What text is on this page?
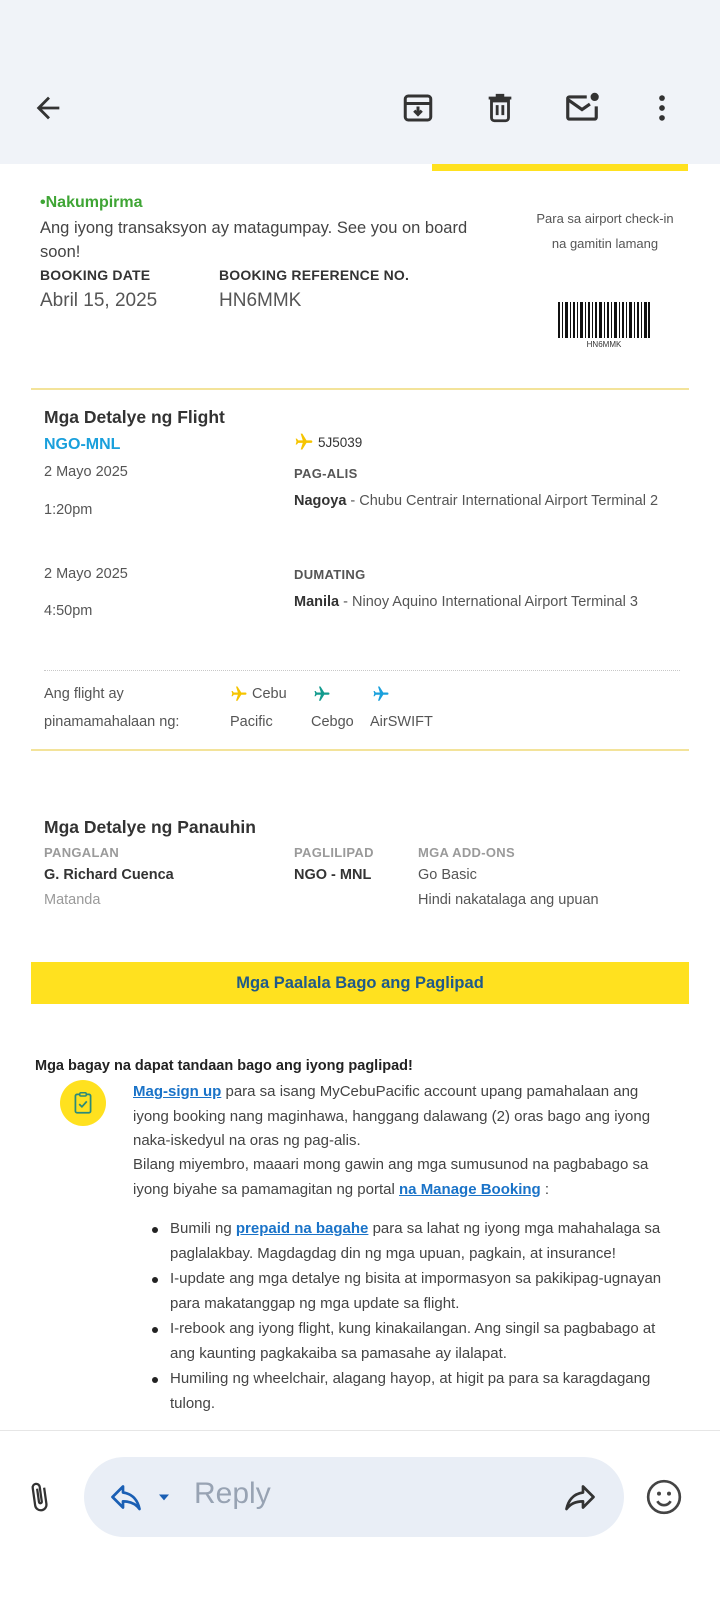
•Nakumpirma
Ang iyong transaksyon ay matagumpay. See you on board soon!
BOOKING DATE
Abril 15, 2025
BOOKING REFERENCE NO.
HN6MMK
Para sa airport check-in na gamitin lamang
HN6MMK
Mga Detalye ng Flight
NGO-MNL	5J5039
2 Mayo 2025
1:20pm
PAG-ALIS
Nagoya - Chubu Centrair International Airport Terminal 2
2 Mayo 2025
4:50pm
DUMATING
Manila - Ninoy Aquino International Airport Terminal 3
Ang flight ay
pinamamahalaan ng:
Cebu
Pacific	Cebgo AirSWIFT
Mga Detalye ng Panauhin
PANGALAN
G. Richard Cuenca
Matanda
PAGLILIPAD
NGO - MNL
MGA ADD-ONS
Go Basic
Hindi nakatalaga ang upuan
Mga Paalala Bago ang Paglipad
Mga bagay na dapat tandaan bago ang iyong paglipad!
Mag-sign up para sa isang MyCebuPacific account upang pamahalaan ang iyong booking nang maginhawa, hanggang dalawang (2) oras bago ang iyong naka-iskedyul na oras ng pag-alis.
Bilang miyembro, maaari mong gawin ang mga sumusunod na pagbabago sa iyong biyahe sa pamamagitan ng portal na Manage Booking :
Bumili ng prepaid na bagahe para sa lahat ng iyong mga mahahalaga sa paglalakbay. Magdagdag din ng mga upuan, pagkain, at insurance!
I-update ang mga detalye ng bisita at impormasyon sa pakikipag-ugnayan para makatanggap ng mga update sa flight.
I-rebook ang iyong flight, kung kinakailangan. Ang singil sa pagbabago at ang kaunting pagkakaiba sa pamasahe ay ilalapat.
Humiling ng wheelchair, alagang hayop, at higit pa para sa karagdagang tulong.
Reply
